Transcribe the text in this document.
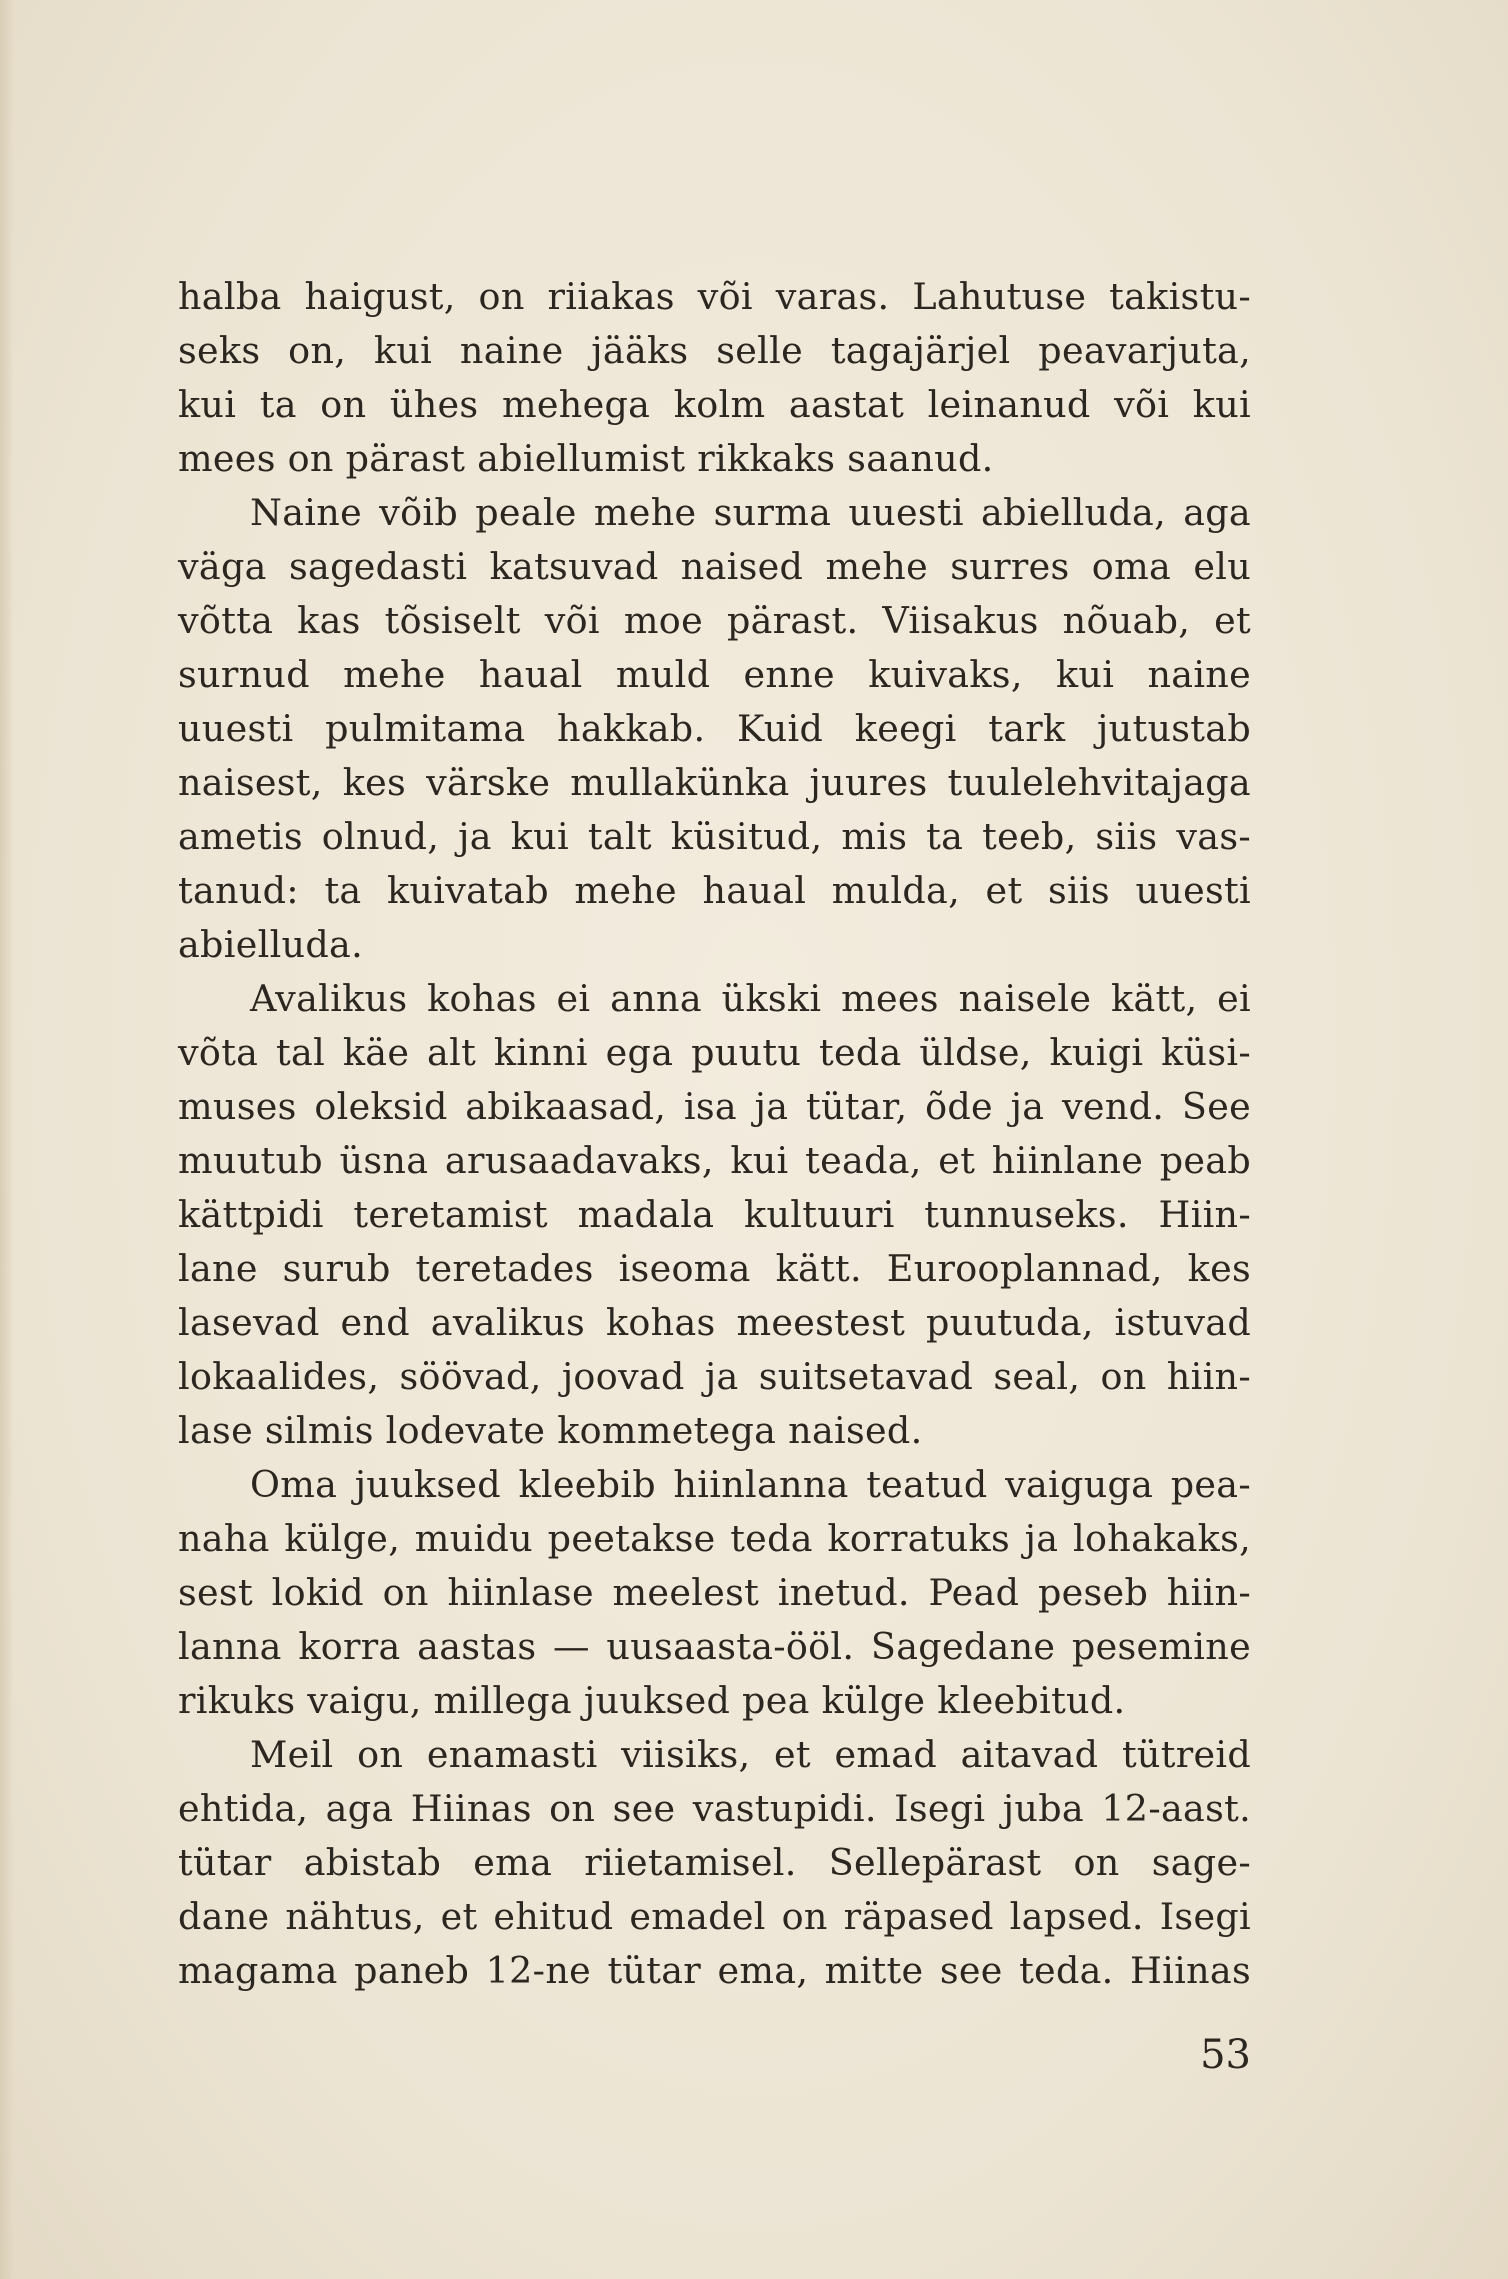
halba haigust, on riiakas või varas. Lahutuse takistu-
seks on, kui naine jääks selle tagajärjel peavarjuta,
kui ta on ühes mehega kolm aastat leinanud või kui
mees on pärast abiellumist rikkaks saanud.
Naine võib peale mehe surma uuesti abielluda, aga
väga sagedasti katsuvad naised mehe surres oma elu
võtta kas tõsiselt või moe pärast. Viisakus nõuab, et
surnud mehe haual muld enne kuivaks, kui naine
uuesti pulmitama hakkab. Kuid keegi tark jutustab
naisest, kes värske mullakünka juures tuulelehvitajaga
ametis olnud, ja kui talt küsitud, mis ta teeb, siis vas-
tanud: ta kuivatab mehe haual mulda, et siis uuesti
abielluda.
Avalikus kohas ei anna ükski mees naisele kätt, ei
võta tal käe alt kinni ega puutu teda üldse, kuigi küsi-
muses oleksid abikaasad, isa ja tütar, õde ja vend. See
muutub üsna arusaadavaks, kui teada, et hiinlane peab
kättpidi teretamist madala kultuuri tunnuseks. Hiin-
lane surub teretades iseoma kätt. Eurooplannad, kes
lasevad end avalikus kohas meestest puutuda, istuvad
lokaalides, söövad, joovad ja suitsetavad seal, on hiin-
lase silmis lodevate kommetega naised.
Oma juuksed kleebib hiinlanna teatud vaiguga pea-
naha külge, muidu peetakse teda korratuks ja lohakaks,
sest lokid on hiinlase meelest inetud. Pead peseb hiin-
lanna korra aastas — uusaasta-ööl. Sagedane pesemine
rikuks vaigu, millega juuksed pea külge kleebitud.
Meil on enamasti viisiks, et emad aitavad tütreid
ehtida, aga Hiinas on see vastupidi. Isegi juba 12-aast.
tütar abistab ema riietamisel. Sellepärast on sage-
dane nähtus, et ehitud emadel on räpased lapsed. Isegi
magama paneb 12-ne tütar ema, mitte see teda. Hiinas
53
